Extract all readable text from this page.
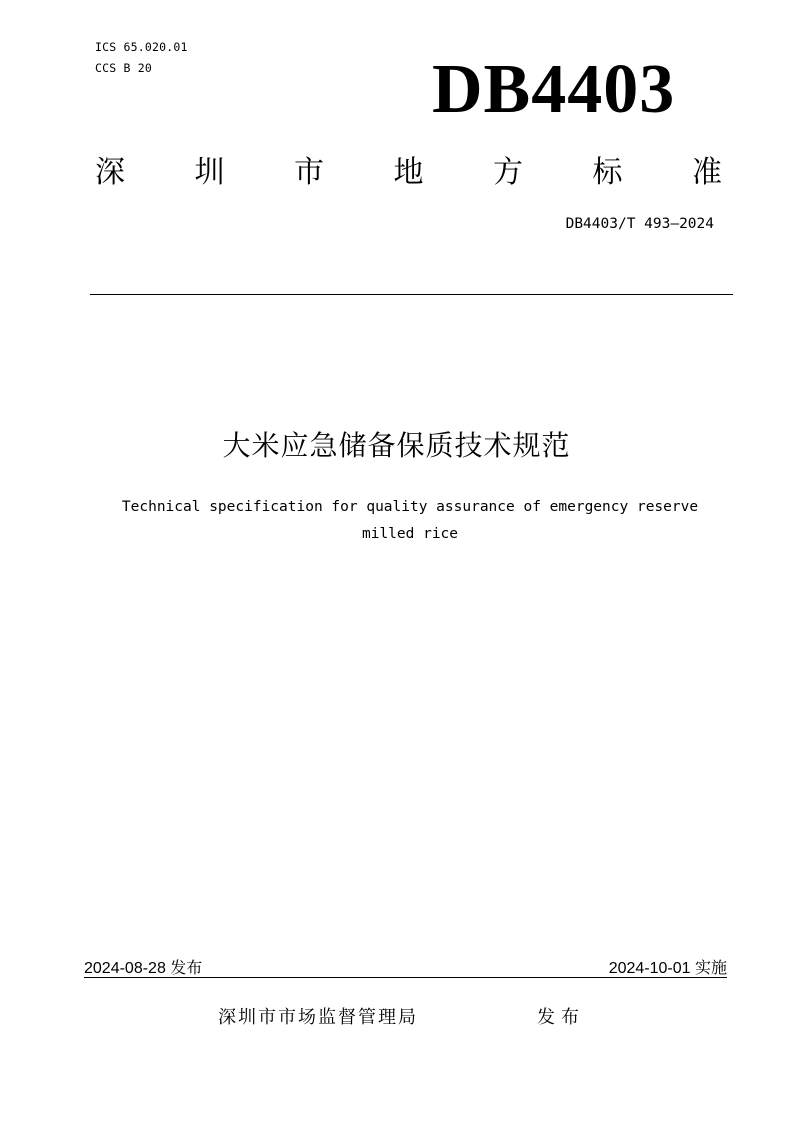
ICS 65.020.01
CCS B 20	DB4403
深 圳 市 地 方 标 准
DB4403/T 493—2024
大米应急储备保质技术规范
Technical specification for quality assurance of emergency reserve
milled rice
2024-08-28 发布	2024-10-01 实施
深圳市市场监督管理局	发布
